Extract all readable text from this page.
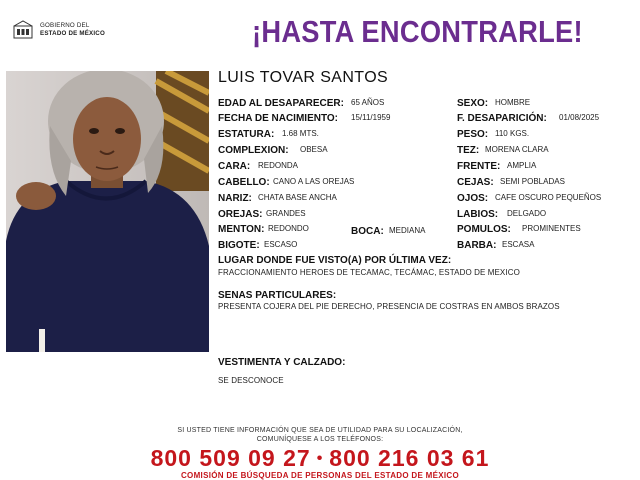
GOBIERNO DEL
ESTADO DE MÉXICO	¡HASTA ENCONTRARLE!
LUIS TOVAR SANTOS
EDAD AL DESAPARECER: 65 AÑOS
FECHA DE NACIMIENTO: 15/11/1959
ESTATURA: 1.68 MTS.
COMPLEXION: OBESA
CARA: REDONDA
CABELLO: CANO A LAS OREJAS
NARIZ: CHATA BASE ANCHA
OREJAS: GRANDES
MENTON: REDONDO
BIGOTE: ESCASO
BOCA: MEDIANA
SEXO: HOMBRE
F. DESAPARICIÓN: 01/08/2025
PESO: 110 KGS.
TEZ: MORENA CLARA
FRENTE: AMPLIA
CEJAS: SEMI POBLADAS
OJOS: CAFE OSCURO PEQUEÑOS
LABIOS: DELGADO
POMULOS: PROMINENTES
BARBA: ESCASA
LUGAR DONDE FUE VISTO(A) POR ÚLTIMA VEZ:
FRACCIONAMIENTO HEROES DE TECAMAC, TECÁMAC, ESTADO DE MEXICO
SENAS PARTICULARES:
PRESENTA COJERA DEL PIE DERECHO, PRESENCIA DE COSTRAS EN AMBOS BRAZOS
VESTIMENTA Y CALZADO:
SE DESCONOCE
SI USTED TIENE INFORMACIÓN QUE SEA DE UTILIDAD PARA SU LOCALIZACIÓN,
COMUNÍQUESE A LOS TELÉFONOS:
800 509 09 27 • 800 216 03 61
COMISIÓN DE BÚSQUEDA DE PERSONAS DEL ESTADO DE MÉXICO
